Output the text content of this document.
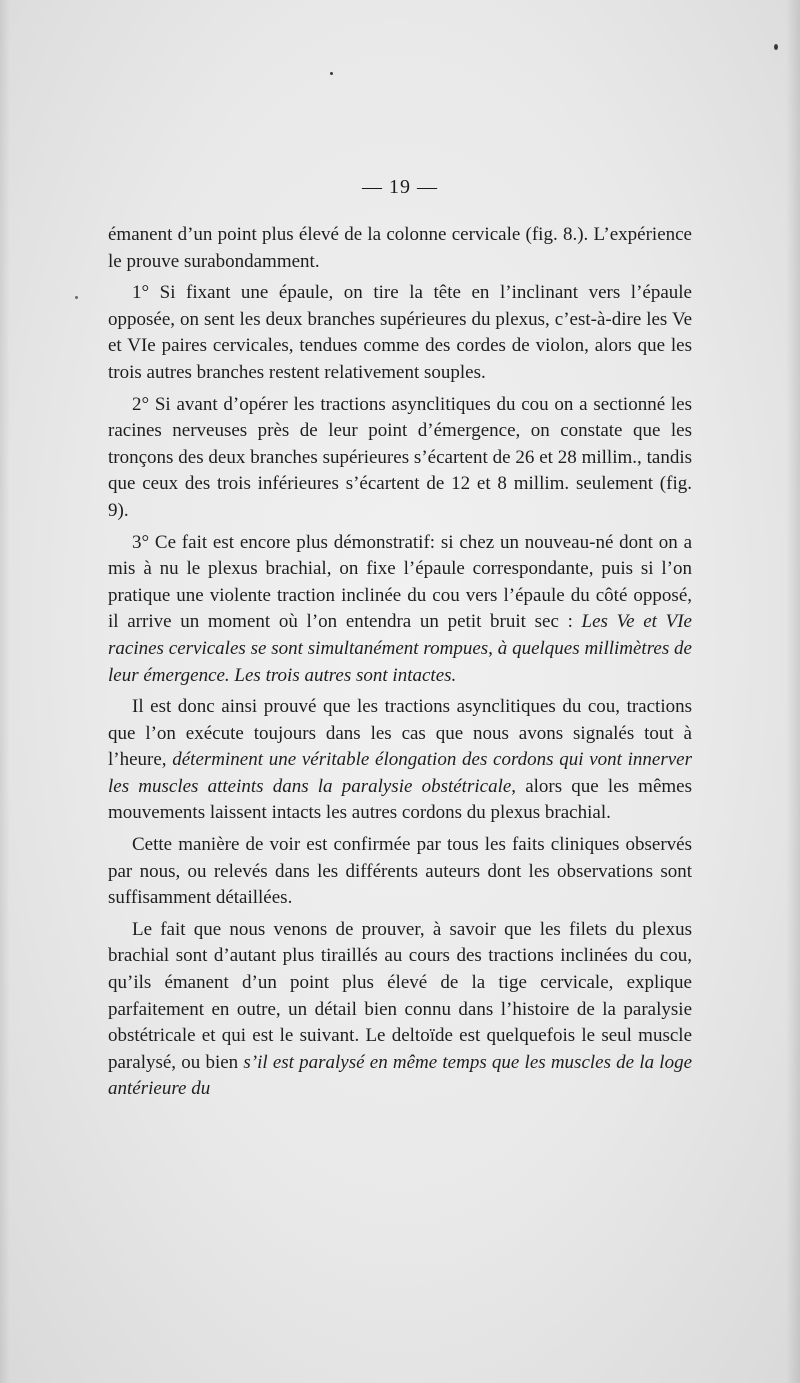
— 19 —

émanent d’un point plus élevé de la colonne cervicale (fig. 8.). L’expérience le prouve surabondamment.

1° Si fixant une épaule, on tire la tête en l’inclinant vers l’épaule opposée, on sent les deux branches supérieures du plexus, c’est-à-dire les Ve et VIe paires cervicales, tendues comme des cordes de violon, alors que les trois autres branches restent relativement souples.

2° Si avant d’opérer les tractions asynclitiques du cou on a sectionné les racines nerveuses près de leur point d’émergence, on constate que les tronçons des deux branches supérieures s’écartent de 26 et 28 millim., tandis que ceux des trois inférieures s’écartent de 12 et 8 millim. seulement (fig. 9).

3° Ce fait est encore plus démonstratif: si chez un nouveau-né dont on a mis à nu le plexus brachial, on fixe l’épaule correspondante, puis si l’on pratique une violente traction inclinée du cou vers l’épaule du côté opposé, il arrive un moment où l’on entendra un petit bruit sec : Les Ve et VIe racines cervicales se sont simultanément rompues, à quelques millimètres de leur émergence. Les trois autres sont intactes.

Il est donc ainsi prouvé que les tractions asynclitiques du cou, tractions que l’on exécute toujours dans les cas que nous avons signalés tout à l’heure, déterminent une véritable élongation des cordons qui vont innerver les muscles atteints dans la paralysie obstétricale, alors que les mêmes mouvements laissent intacts les autres cordons du plexus brachial.

Cette manière de voir est confirmée par tous les faits cliniques observés par nous, ou relevés dans les différents auteurs dont les observations sont suffisamment détaillées.

Le fait que nous venons de prouver, à savoir que les filets du plexus brachial sont d’autant plus tiraillés au cours des tractions inclinées du cou, qu’ils émanent d’un point plus élevé de la tige cervicale, explique parfaitement en outre, un détail bien connu dans l’histoire de la paralysie obstétricale et qui est le suivant. Le deltoïde est quelquefois le seul muscle paralysé, ou bien s’il est paralysé en même temps que les muscles de la loge antérieure du
